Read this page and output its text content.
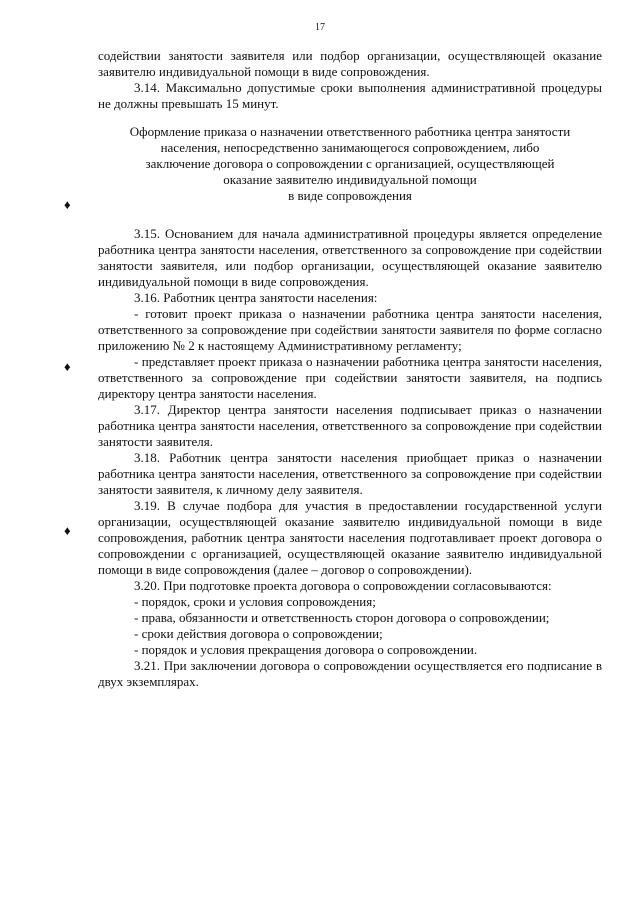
17
♦
♦
♦

содействии занятости заявителя или подбор организации, осуществляющей оказание заявителю индивидуальной помощи в виде сопровождения.

3.14. Максимально допустимые сроки выполнения административной процедуры не должны превышать 15 минут.

Оформление приказа о назначении ответственного работника центра занятости
населения, непосредственно занимающегося сопровождением, либо
заключение договора о сопровождении с организацией, осуществляющей
оказание заявителю индивидуальной помощи
в виде сопровождения

3.15. Основанием для начала административной процедуры является определение работника центра занятости населения, ответственного за сопровождение при содействии занятости заявителя, или подбор организации, осуществляющей оказание заявителю индивидуальной помощи в виде сопровождения.

3.16. Работник центра занятости населения:

- готовит проект приказа о назначении работника центра занятости населения, ответственного за сопровождение при содействии занятости заявителя по форме согласно приложению № 2 к настоящему Административному регламенту;

- представляет проект приказа о назначении работника центра занятости населения, ответственного за сопровождение при содействии занятости заявителя, на подпись директору центра занятости населения.

3.17. Директор центра занятости населения подписывает приказ о назначении работника центра занятости населения, ответственного за сопровождение при содействии занятости заявителя.

3.18. Работник центра занятости населения приобщает приказ о назначении работника центра занятости населения, ответственного за сопровождение при содействии занятости заявителя, к личному делу заявителя.

3.19. В случае подбора для участия в предоставлении государственной услуги организации, осуществляющей оказание заявителю индивидуальной помощи в виде сопровождения, работник центра занятости населения подготавливает проект договора о сопровождении с организацией, осуществляющей оказание заявителю индивидуальной помощи в виде сопровождения (далее – договор о сопровождении).

3.20. При подготовке проекта договора о сопровождении согласовываются:

- порядок, сроки и условия сопровождения;

- права, обязанности и ответственность сторон договора о сопровождении;

- сроки действия договора о сопровождении;

- порядок и условия прекращения договора о сопровождении.

3.21. При заключении договора о сопровождении осуществляется его подписание в двух экземплярах.
